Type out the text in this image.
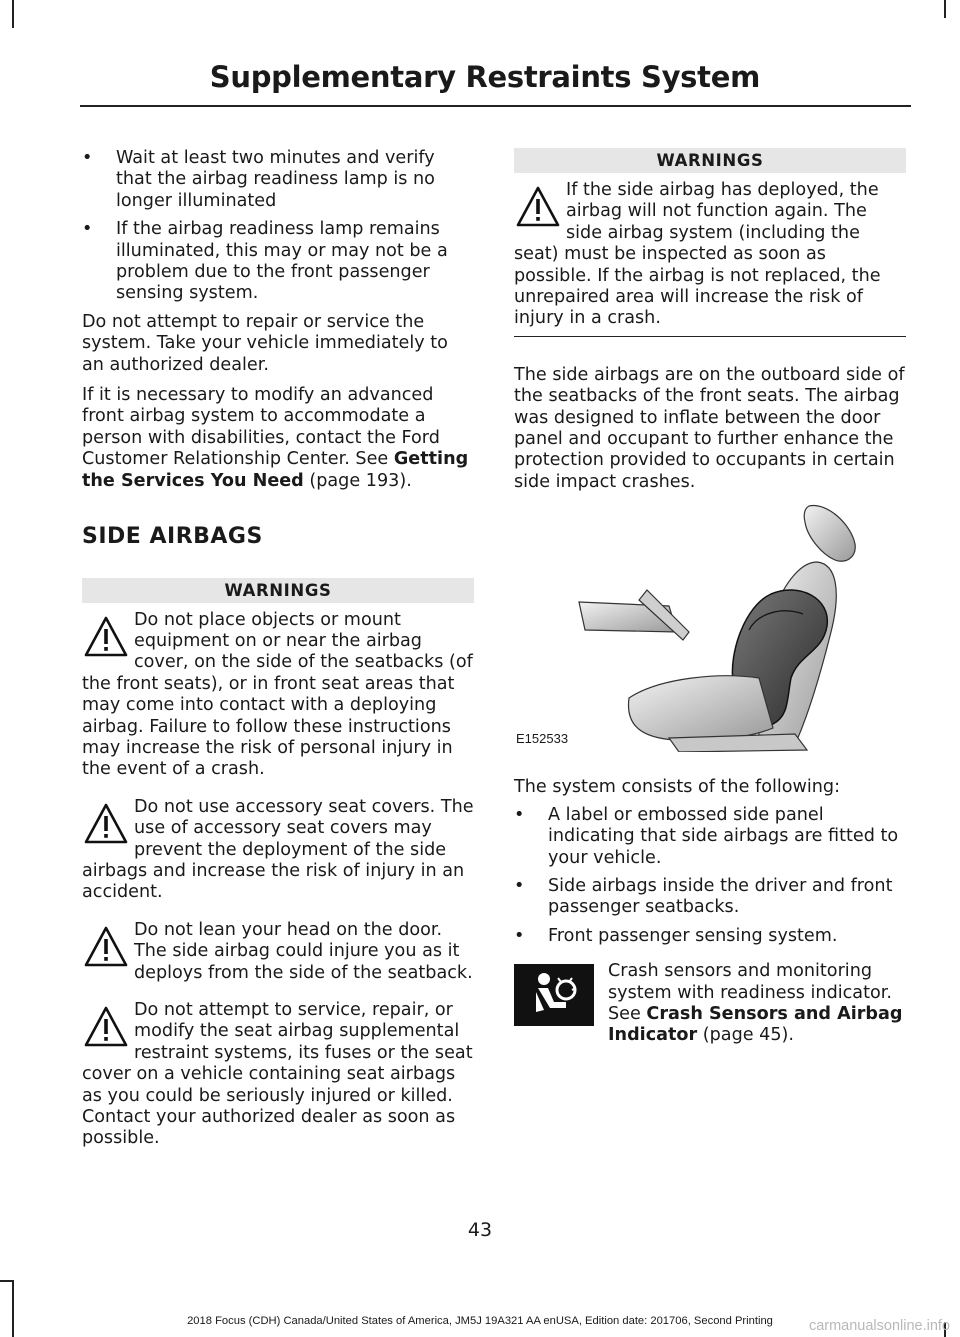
Supplementary Restraints System
• Wait at least two minutes and verify that the airbag readiness lamp is no longer illuminated
• If the airbag readiness lamp remains illuminated, this may or may not be a problem due to the front passenger sensing system.

Do not attempt to repair or service the system. Take your vehicle immediately to an authorized dealer.

If it is necessary to modify an advanced front airbag system to accommodate a person with disabilities, contact the Ford Customer Relationship Center. See Getting the Services You Need (page 193).

SIDE AIRBAGS
WARNINGS
Do not place objects or mount equipment on or near the airbag cover, on the side of the seatbacks (of the front seats), or in front seat areas that may come into contact with a deploying airbag. Failure to follow these instructions may increase the risk of personal injury in the event of a crash.
Do not use accessory seat covers. The use of accessory seat covers may prevent the deployment of the side airbags and increase the risk of injury in an accident.
Do not lean your head on the door. The side airbag could injure you as it deploys from the side of the seatback.
Do not attempt to service, repair, or modify the seat airbag supplemental restraint systems, its fuses or the seat cover on a vehicle containing seat airbags as you could be seriously injured or killed. Contact your authorized dealer as soon as possible.
WARNINGS
If the side airbag has deployed, the airbag will not function again. The side airbag system (including the seat) must be inspected as soon as possible. If the airbag is not replaced, the unrepaired area will increase the risk of injury in a crash.

The side airbags are on the outboard side of the seatbacks of the front seats. The airbag was designed to inflate between the door panel and occupant to further enhance the protection provided to occupants in certain side impact crashes.

E152533

The system consists of the following:

• A label or embossed side panel indicating that side airbags are fitted to your vehicle.
• Side airbags inside the driver and front passenger seatbacks.
• Front passenger sensing system.
Crash sensors and monitoring system with readiness indicator. See Crash Sensors and Airbag Indicator (page 45).
43
2018 Focus (CDH) Canada/United States of America, JM5J 19A321 AA enUSA, Edition date: 201706, Second Printing	carmanualsonline.info
